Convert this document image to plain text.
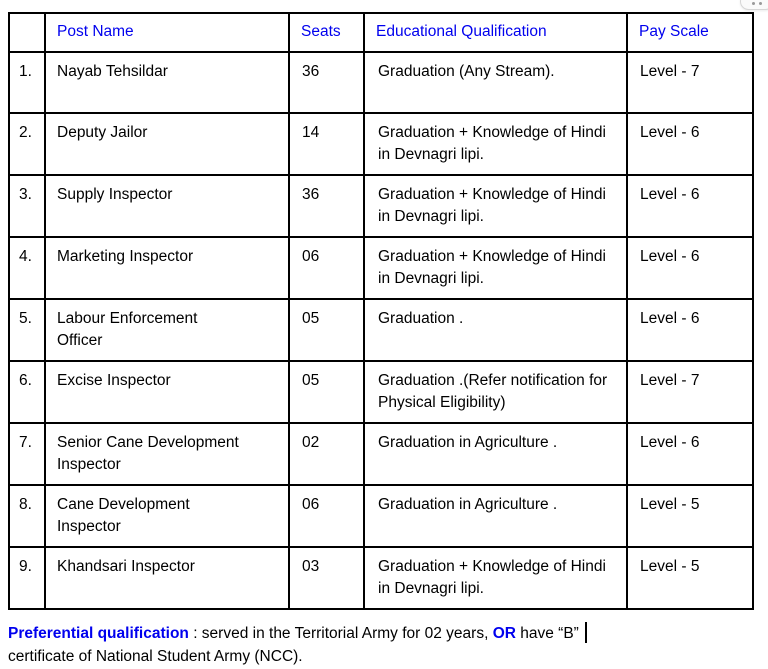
	Post Name	Seats	Educational Qualification	Pay Scale
1.	Nayab Tehsildar	36	Graduation (Any Stream).	Level - 7
2.	Deputy Jailor	14	Graduation + Knowledge of Hindi in Devnagri lipi.	Level - 6
3.	Supply Inspector	36	Graduation + Knowledge of Hindi in Devnagri lipi.	Level - 6
4.	Marketing Inspector	06	Graduation + Knowledge of Hindi in Devnagri lipi.	Level - 6
5.	Labour Enforcement Officer	05	Graduation .	Level - 6
6.	Excise Inspector	05	Graduation .(Refer notification for Physical Eligibility)	Level - 7
7.	Senior Cane Development Inspector	02	Graduation in Agriculture .	Level - 6
8.	Cane Development Inspector	06	Graduation in Agriculture .	Level - 5
9.	Khandsari Inspector	03	Graduation + Knowledge of Hindi in Devnagri lipi.	Level - 5
Preferential qualification : served in the Territorial Army for 02 years, OR have “B”
certificate of National Student Army (NCC).
